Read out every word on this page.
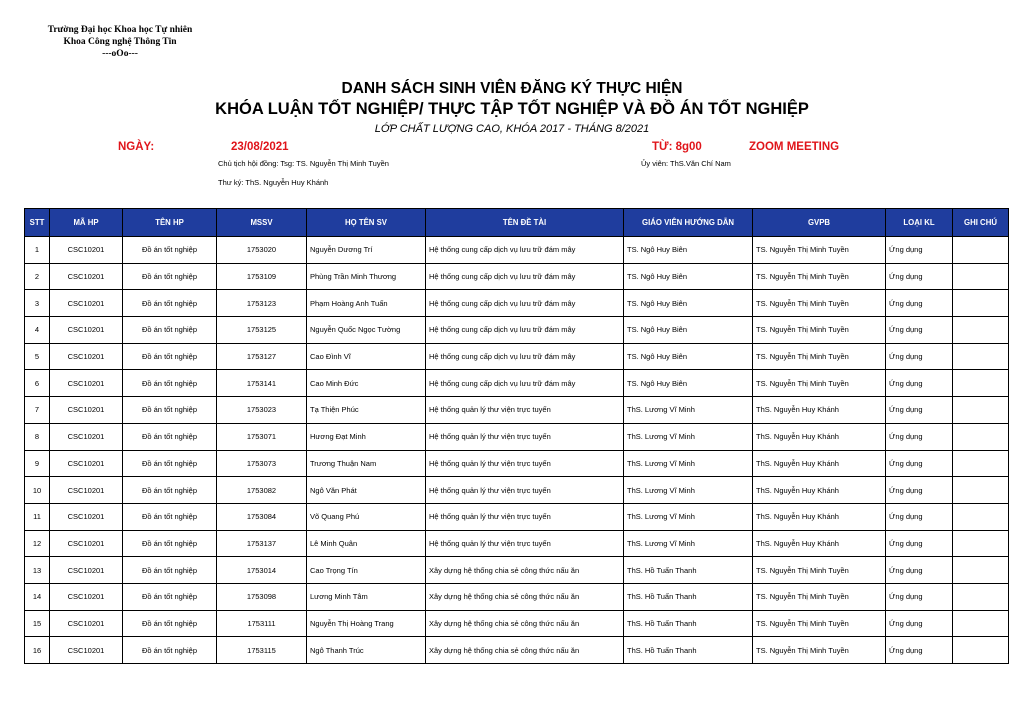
Trường Đại học Khoa học Tự nhiên
Khoa Công nghệ Thông Tin
---oOo---
DANH SÁCH SINH VIÊN ĐĂNG KÝ THỰC HIỆN
KHÓA LUẬN TỐT NGHIỆP/ THỰC TẬP TỐT NGHIỆP VÀ ĐỒ ÁN TỐT NGHIỆP
LỚP CHẤT LƯỢNG CAO, KHÓA 2017 - THÁNG 8/2021
NGÀY:	23/08/2021	TỪ: 8g00	ZOOM MEETING
Chủ tịch hội đồng: Tsg: TS. Nguyễn Thị Minh Tuyền	Ủy viên: ThS.Văn Chí Nam
Thư ký: ThS. Nguyễn Huy Khánh
STT	MÃ HP	TÊN HP	MSSV	HỌ TÊN SV	TÊN ĐỀ TÀI	GIÁO VIÊN HƯỚNG DẪN	GVPB	LOẠI KL	GHI CHÚ
1	CSC10201	Đồ án tốt nghiệp	1753020	Nguyễn Dương Trí	Hệ thống cung cấp dịch vụ lưu trữ đám mây	TS. Ngô Huy Biên	TS. Nguyễn Thị Minh Tuyền	Ứng dụng	
2	CSC10201	Đồ án tốt nghiệp	1753109	Phùng Trần Minh Thương	Hệ thống cung cấp dịch vụ lưu trữ đám mây	TS. Ngô Huy Biên	TS. Nguyễn Thị Minh Tuyền	Ứng dụng	
3	CSC10201	Đồ án tốt nghiệp	1753123	Phạm Hoàng Anh Tuấn	Hệ thống cung cấp dịch vụ lưu trữ đám mây	TS. Ngô Huy Biên	TS. Nguyễn Thị Minh Tuyền	Ứng dụng	
4	CSC10201	Đồ án tốt nghiệp	1753125	Nguyễn Quốc Ngọc Tường	Hệ thống cung cấp dịch vụ lưu trữ đám mây	TS. Ngô Huy Biên	TS. Nguyễn Thị Minh Tuyền	Ứng dụng	
5	CSC10201	Đồ án tốt nghiệp	1753127	Cao Đình Vĩ	Hệ thống cung cấp dịch vụ lưu trữ đám mây	TS. Ngô Huy Biên	TS. Nguyễn Thị Minh Tuyền	Ứng dụng	
6	CSC10201	Đồ án tốt nghiệp	1753141	Cao Minh Đức	Hệ thống cung cấp dịch vụ lưu trữ đám mây	TS. Ngô Huy Biên	TS. Nguyễn Thị Minh Tuyền	Ứng dụng	
7	CSC10201	Đồ án tốt nghiệp	1753023	Tạ Thiện Phúc	Hệ thống quản lý thư viện trực tuyến	ThS. Lương Vĩ Minh	ThS. Nguyễn Huy Khánh	Ứng dụng	
8	CSC10201	Đồ án tốt nghiệp	1753071	Hương Đạt Minh	Hệ thống quản lý thư viện trực tuyến	ThS. Lương Vĩ Minh	ThS. Nguyễn Huy Khánh	Ứng dụng	
9	CSC10201	Đồ án tốt nghiệp	1753073	Trương Thuận Nam	Hệ thống quản lý thư viện trực tuyến	ThS. Lương Vĩ Minh	ThS. Nguyễn Huy Khánh	Ứng dụng	
10	CSC10201	Đồ án tốt nghiệp	1753082	Ngô Văn Phát	Hệ thống quản lý thư viện trực tuyến	ThS. Lương Vĩ Minh	ThS. Nguyễn Huy Khánh	Ứng dụng	
11	CSC10201	Đồ án tốt nghiệp	1753084	Võ Quang Phú	Hệ thống quản lý thư viện trực tuyến	ThS. Lương Vĩ Minh	ThS. Nguyễn Huy Khánh	Ứng dụng	
12	CSC10201	Đồ án tốt nghiệp	1753137	Lê Minh Quân	Hệ thống quản lý thư viện trực tuyến	ThS. Lương Vĩ Minh	ThS. Nguyễn Huy Khánh	Ứng dụng	
13	CSC10201	Đồ án tốt nghiệp	1753014	Cao Trọng Tín	Xây dựng hệ thống chia sẻ công thức nấu ăn	ThS. Hồ Tuấn Thanh	TS. Nguyễn Thị Minh Tuyền	Ứng dụng	
14	CSC10201	Đồ án tốt nghiệp	1753098	Lương Minh Tâm	Xây dựng hệ thống chia sẻ công thức nấu ăn	ThS. Hồ Tuấn Thanh	TS. Nguyễn Thị Minh Tuyền	Ứng dụng	
15	CSC10201	Đồ án tốt nghiệp	1753111	Nguyễn Thị Hoàng Trang	Xây dựng hệ thống chia sẻ công thức nấu ăn	ThS. Hồ Tuấn Thanh	TS. Nguyễn Thị Minh Tuyền	Ứng dụng	
16	CSC10201	Đồ án tốt nghiệp	1753115	Ngô Thanh Trúc	Xây dựng hệ thống chia sẻ công thức nấu ăn	ThS. Hồ Tuấn Thanh	TS. Nguyễn Thị Minh Tuyền	Ứng dụng	
